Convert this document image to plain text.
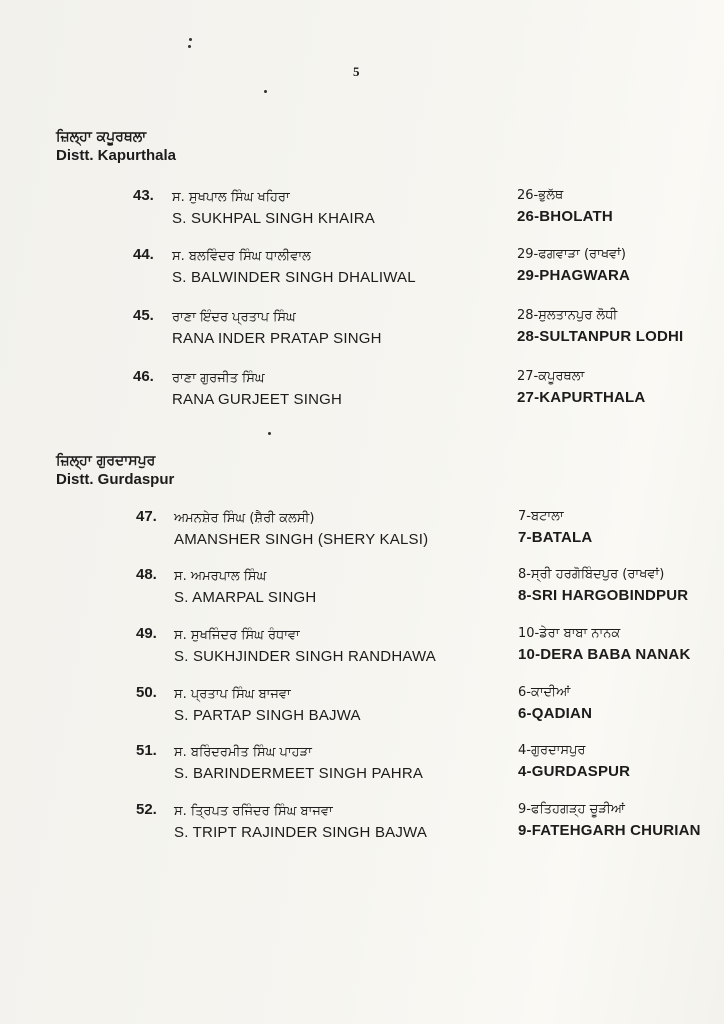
5
ਜ਼ਿਲ੍ਹਾ ਕਪੂਰਥਲਾ
Distt. Kapurthala
43. ਸ. ਸੁਖਪਾਲ ਸਿੰਘ ਖਹਿਰਾ
S. SUKHPAL SINGH KHAIRA
26-ਭੁਲੱਥ
26-BHOLATH
44. ਸ. ਬਲਵਿੰਦਰ ਸਿੰਘ ਧਾਲੀਵਾਲ
S. BALWINDER SINGH DHALIWAL
29-ਫਗਵਾੜਾ (ਰਾਖਵਾਂ)
29-PHAGWARA
45. ਰਾਣਾ ਇੰਦਰ ਪ੍ਰਤਾਪ ਸਿੰਘ
RANA INDER PRATAP SINGH
28-ਸੁਲਤਾਨਪੁਰ ਲੋਧੀ
28-SULTANPUR LODHI
46. ਰਾਣਾ ਗੁਰਜੀਤ ਸਿੰਘ
RANA GURJEET SINGH
27-ਕਪੂਰਥਲਾ
27-KAPURTHALA
ਜ਼ਿਲ੍ਹਾ ਗੁਰਦਾਸਪੁਰ
Distt. Gurdaspur
47. ਅਮਨਸ਼ੇਰ ਸਿੰਘ (ਸ਼ੈਰੀ ਕਲਸੀ)
AMANSHER SINGH (SHERY KALSI)
7-ਬਟਾਲਾ
7-BATALA
48. ਸ. ਅਮਰਪਾਲ ਸਿੰਘ
S. AMARPAL SINGH
8-ਸ੍ਰੀ ਹਰਗੋਬਿੰਦਪੁਰ (ਰਾਖਵਾਂ)
8-SRI HARGOBINDPUR
49. ਸ. ਸੁਖਜਿੰਦਰ ਸਿੰਘ ਰੰਧਾਵਾ
S. SUKHJINDER SINGH RANDHAWA
10-ਡੇਰਾ ਬਾਬਾ ਨਾਨਕ
10-DERA BABA NANAK
50. ਸ. ਪ੍ਰਤਾਪ ਸਿੰਘ ਬਾਜਵਾ
S. PARTAP SINGH BAJWA
6-ਕਾਦੀਆਂ
6-QADIAN
51. ਸ. ਬਰਿੰਦਰਮੀਤ ਸਿੰਘ ਪਾਹੜਾ
S. BARINDERMEET SINGH PAHRA
4-ਗੁਰਦਾਸਪੁਰ
4-GURDASPUR
52. ਸ. ਤ੍ਰਿਪਤ ਰਜਿੰਦਰ ਸਿੰਘ ਬਾਜਵਾ
S. TRIPT RAJINDER SINGH BAJWA
9-ਫਤਿਹਗੜ੍ਹ ਚੂੜੀਆਂ
9-FATEHGARH CHURIAN
